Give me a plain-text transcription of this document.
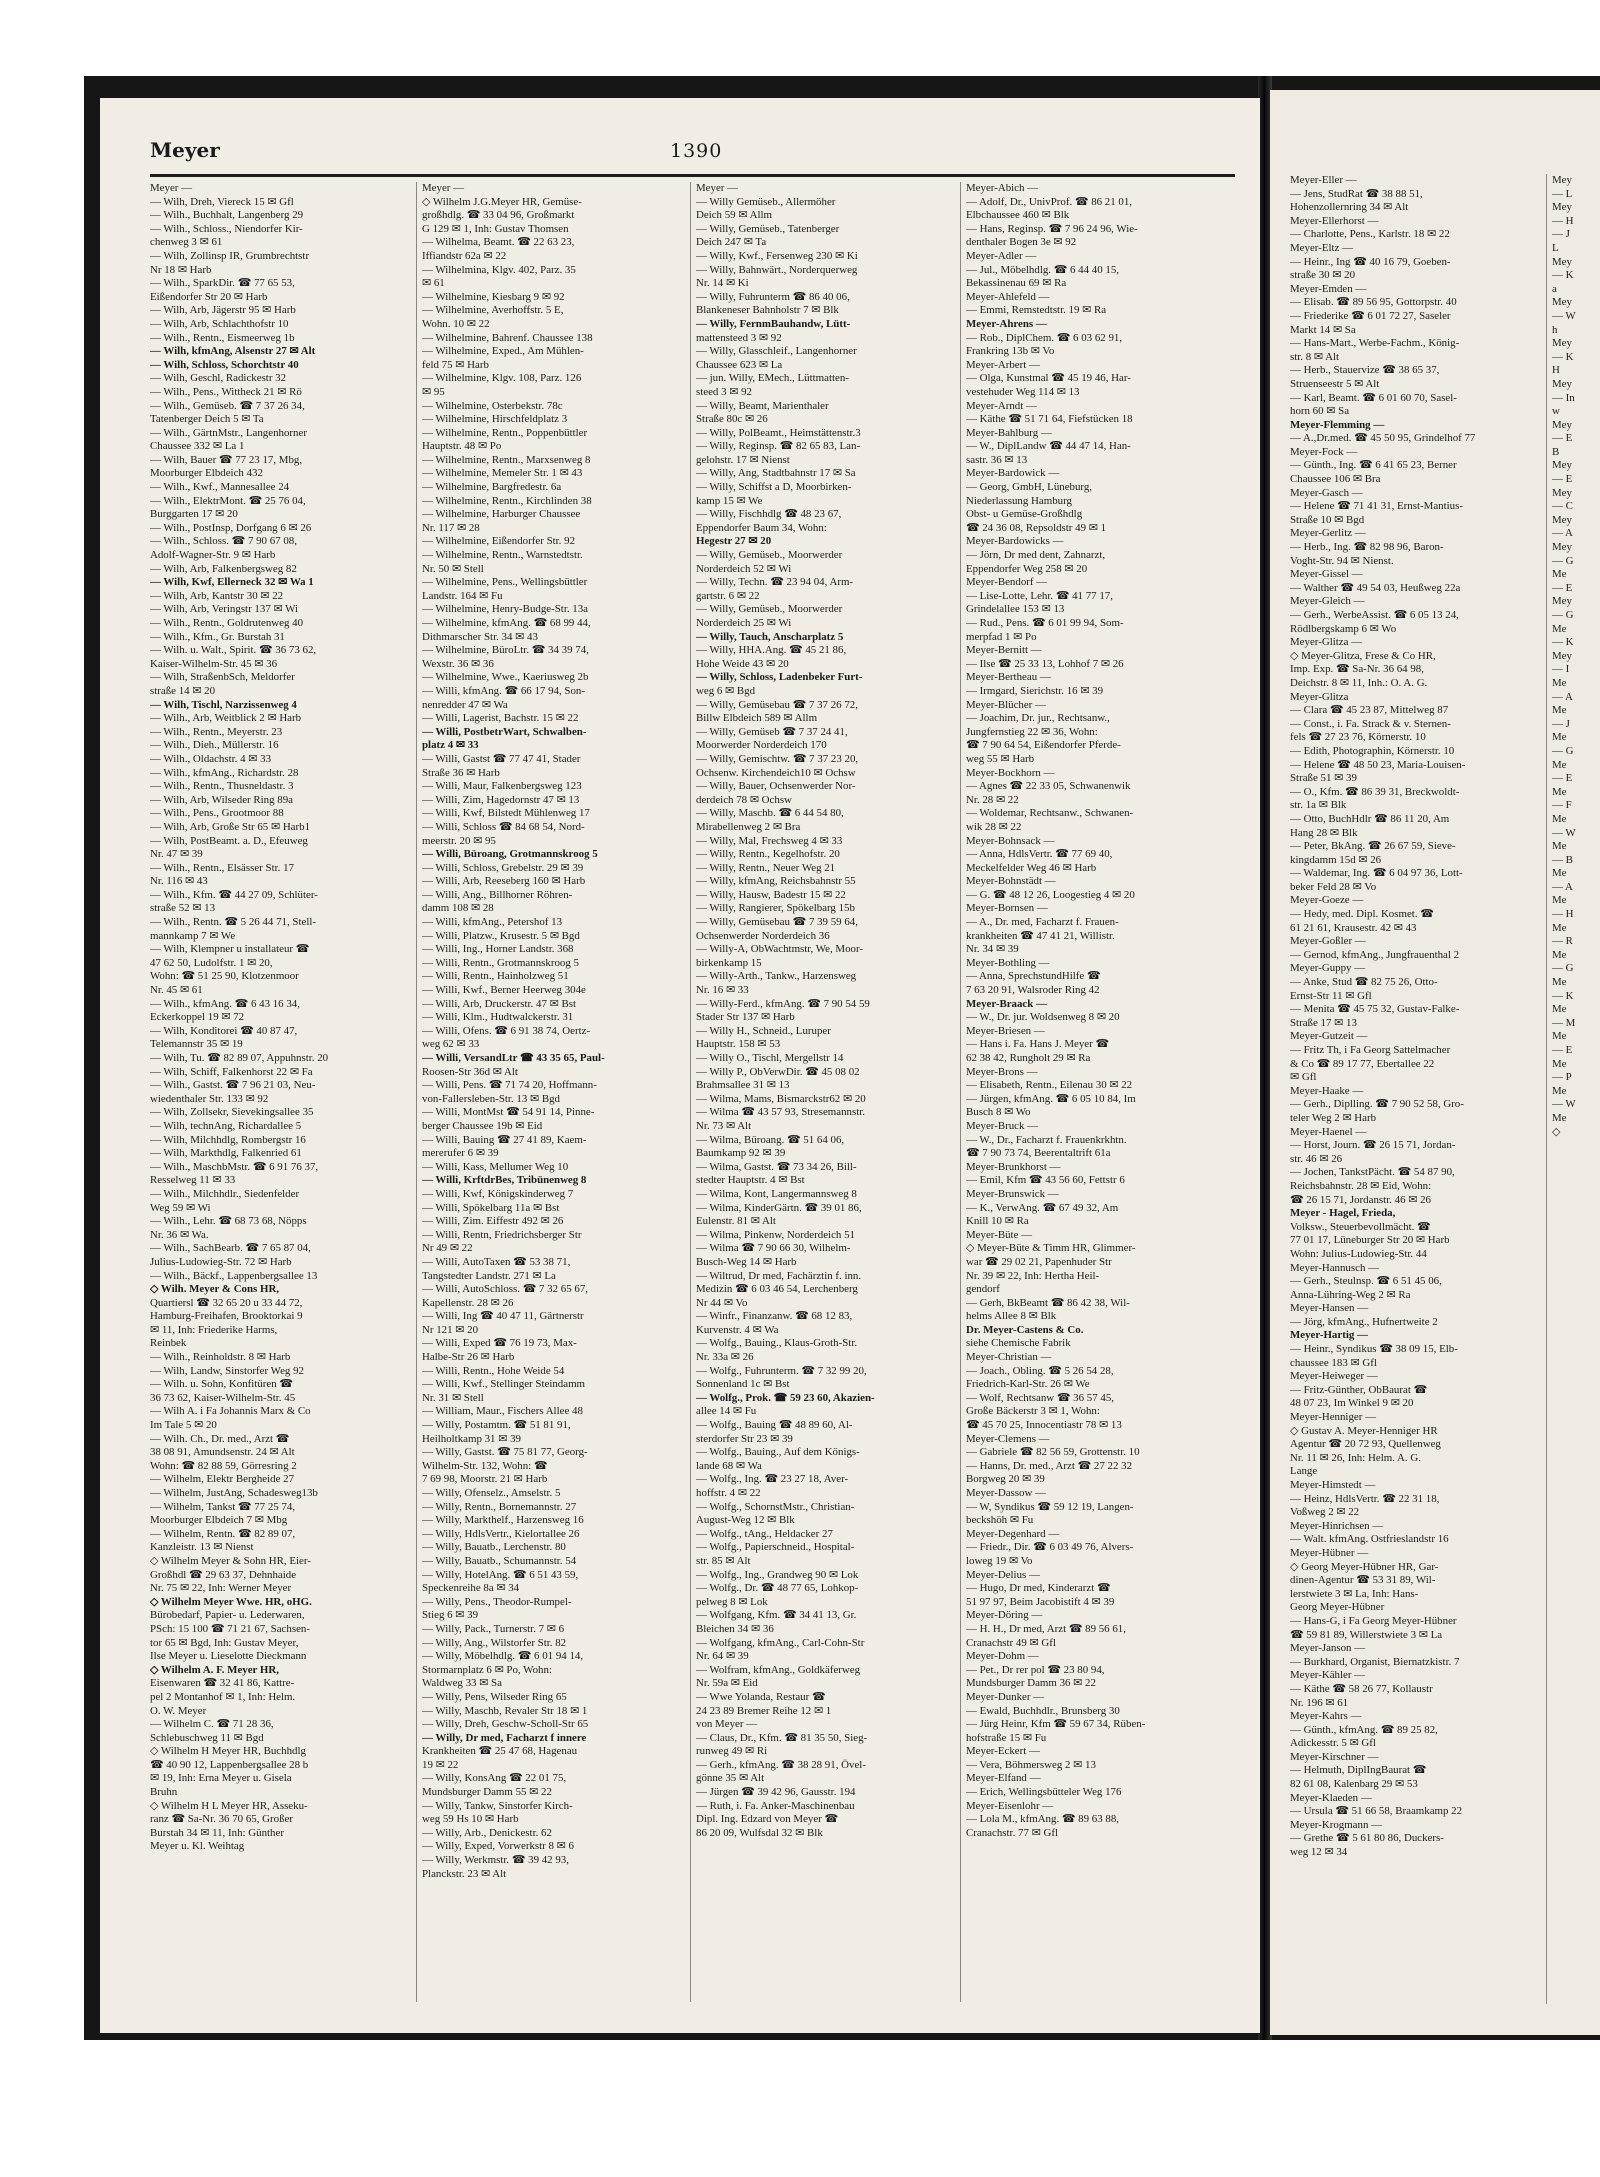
Meyer	1390
Meyer —
— Wilh, Dreh, Viereck 15 ✉ Gfl
— Wilh., Buchhalt, Langenberg 29
— Wilh., Schloss., Niendorfer Kir-
chenweg 3 ✉ 61
— Wilh, Zollinsp IR, Grumbrechtstr
Nr 18 ✉ Harb
— Wilh., SparkDir. ☎ 77 65 53,
Eißendorfer Str 20 ✉ Harb
— Wilh, Arb, Jägerstr 95 ✉ Harb
— Wilh, Arb, Schlachthofstr 10
— Wilh., Rentn., Eismeerweg 1b
— Wilh, kfmAng, Alsenstr 27 ✉ Alt
— Wilh, Schloss, Schorchtstr 40
— Wilh, Geschl, Radickestr 32
— Wilh., Pens., Wittheck 21 ✉ Rö
— Wilh., Gemüseb. ☎ 7 37 26 34,
Tatenberger Deich 5 ✉ Ta
— Wilh., GärtnMstr., Langenhorner
Chaussee 332 ✉ La 1
— Wilh, Bauer ☎ 77 23 17, Mbg,
Moorburger Elbdeich 432
— Wilh., Kwf., Mannesallee 24
— Wilh., ElektrMont. ☎ 25 76 04,
Burggarten 17 ✉ 20
— Wilh., PostInsp, Dorfgang 6 ✉ 26
— Wilh., Schloss. ☎ 7 90 67 08,
Adolf-Wagner-Str. 9 ✉ Harb
— Wilh, Arb, Falkenbergsweg 82
— Wilh, Kwf, Ellerneck 32 ✉ Wa 1
— Wilh, Arb, Kantstr 30 ✉ 22
— Wilh, Arb, Veringstr 137 ✉ Wi
— Wilh., Rentn., Goldrutenweg 40
— Wilh., Kfm., Gr. Burstah 31
— Wilh. u. Walt., Spirit. ☎ 36 73 62,
Kaiser-Wilhelm-Str. 45 ✉ 36
— Wilh, StraßenbSch, Meldorfer
straße 14 ✉ 20
— Wilh, Tischl, Narzissenweg 4
— Wilh., Arb, Weitblick 2 ✉ Harb
— Wilh., Rentn., Meyerstr. 23
— Wilh., Dieh., Müllerstr. 16
— Wilh., Oldachstr. 4 ✉ 33
— Wilh., kfmAng., Richardstr. 28
— Wilh., Rentn., Thusneldastr. 3
— Wilh, Arb, Wilseder Ring 89a
— Wilh., Pens., Grootmoor 88
— Wilh, Arb, Große Str 65 ✉ Harb1
— Wilh, PostBeamt. a. D., Efeuweg
Nr. 47 ✉ 39
— Wilh., Rentn., Elsässer Str. 17
Nr. 116 ✉ 43
— Wilh., Kfm. ☎ 44 27 09, Schlüter-
straße 52 ✉ 13
— Wilh., Rentn. ☎ 5 26 44 71, Stell-
mannkamp 7 ✉ We
— Wilh, Klempner u installateur ☎
47 62 50, Ludolfstr. 1 ✉ 20,
Wohn: ☎ 51 25 90, Klotzenmoor
Nr. 45 ✉ 61
— Wilh., kfmAng. ☎ 6 43 16 34,
Eckerkoppel 19 ✉ 72
— Wilh, Konditorei ☎ 40 87 47,
Telemannstr 35 ✉ 19
— Wilh, Tu. ☎ 82 89 07, Appuhnstr. 20
— Wilh, Schiff, Falkenhorst 22 ✉ Fa
— Wilh., Gastst. ☎ 7 96 21 03, Neu-
wiedenthaler Str. 133 ✉ 92
— Wilh, Zollsekr, Sievekingsallee 35
— Wilh, technAng, Richardallee 5
— Wilh, Milchhdlg, Rombergstr 16
— Wilh, Markthdlg, Falkenried 61
— Wilh., MaschbMstr. ☎ 6 91 76 37,
Resselweg 11 ✉ 33
— Wilh., Milchhdlr., Siedenfelder
Weg 59 ✉ Wi
— Wilh., Lehr. ☎ 68 73 68, Nöpps
Nr. 36 ✉ Wa.
— Wilh., SachBearb. ☎ 7 65 87 04,
Julius-Ludowieg-Str. 72 ✉ Harb
— Wilh., Bäckf., Lappenbergsallee 13
◇ Wilh. Meyer & Cons HR,
Quartiersl ☎ 32 65 20 u 33 44 72,
Hamburg-Freihafen, Brooktorkai 9
✉ 11, Inh: Friederike Harms,
Reinbek
— Wilh., Reinholdstr. 8 ✉ Harb
— Wilh, Landw, Sinstorfer Weg 92
— Wilh. u. Sohn, Konfitüren ☎
36 73 62, Kaiser-Wilhelm-Str. 45
— Wilh A. i Fa Johannis Marx & Co
Im Tale 5 ✉ 20
— Wilh. Ch., Dr. med., Arzt ☎
38 08 91, Amundsenstr. 24 ✉ Alt
Wohn: ☎ 82 88 59, Görresring 2
— Wilhelm, Elektr Bergheide 27
— Wilhelm, JustAng, Schadesweg13b
— Wilhelm, Tankst ☎ 77 25 74,
Moorburger Elbdeich 7 ✉ Mbg
— Wilhelm, Rentn. ☎ 82 89 07,
Kanzleistr. 13 ✉ Nienst
◇ Wilhelm Meyer & Sohn HR, Eier-
Großhdl ☎ 29 63 37, Dehnhaide
Nr. 75 ✉ 22, Inh: Werner Meyer
◇ Wilhelm Meyer Wwe. HR, oHG.
Bürobedarf, Papier- u. Lederwaren,
PSch: 15 100 ☎ 71 21 67, Sachsen-
tor 65 ✉ Bgd, Inh: Gustav Meyer,
Ilse Meyer u. Lieselotte Dieckmann
◇ Wilhelm A. F. Meyer HR,
Eisenwaren ☎ 32 41 86, Kattre-
pel 2 Montanhof ✉ 1, Inh: Helm.
O. W. Meyer
— Wilhelm C. ☎ 71 28 36,
Schlebuschweg 11 ✉ Bgd
◇ Wilhelm H Meyer HR, Buchhdlg
☎ 40 90 12, Lappenbergsallee 28 b
✉ 19, Inh: Erna Meyer u. Gisela
Bruhn
◇ Wilhelm H L Meyer HR, Asseku-
ranz ☎ Sa-Nr. 36 70 65, Großer
Burstah 34 ✉ 11, Inh: Günther
Meyer u. Kl. Weihtag
Meyer —
◇ Wilhelm J.G.Meyer HR, Gemüse-
großhdlg. ☎ 33 04 96, Großmarkt
G 129 ✉ 1, Inh: Gustav Thomsen
— Wilhelma, Beamt. ☎ 22 63 23,
Iffiandstr 62a ✉ 22
— Wilhelmina, Klgv. 402, Parz. 35
✉ 61
— Wilhelmine, Kiesbarg 9 ✉ 92
— Wilhelmine, Averhoffstr. 5 E,
Wohn. 10 ✉ 22
— Wilhelmine, Bahrenf. Chaussee 138
— Wilhelmine, Exped., Am Mühlen-
feld 75 ✉ Harb
— Wilhelmine, Klgv. 108, Parz. 126
✉ 95
— Wilhelmine, Osterbekstr. 78c
— Wilhelmine, Hirschfeldplatz 3
— Wilhelmine, Rentn., Poppenbüttler
Hauptstr. 48 ✉ Po
— Wilhelmine, Rentn., Marxsenweg 8
— Wilhelmine, Memeler Str. 1 ✉ 43
— Wilhelmine, Bargfredestr. 6a
— Wilhelmine, Rentn., Kirchlinden 38
— Wilhelmine, Harburger Chaussee
Nr. 117 ✉ 28
— Wilhelmine, Eißendorfer Str. 92
— Wilhelmine, Rentn., Warnstedtstr.
Nr. 50 ✉ Stell
— Wilhelmine, Pens., Wellingsbüttler
Landstr. 164 ✉ Fu
— Wilhelmine, Henry-Budge-Str. 13a
— Wilhelmine, kfmAng. ☎ 68 99 44,
Dithmarscher Str. 34 ✉ 43
— Wilhelmine, BüroLtr. ☎ 34 39 74,
Wexstr. 36 ✉ 36
— Wilhelmine, Wwe., Kaeriusweg 2b
— Willi, kfmAng. ☎ 66 17 94, Son-
nenredder 47 ✉ Wa
— Willi, Lagerist, Bachstr. 15 ✉ 22
— Willi, PostbetrWart, Schwalben-
platz 4 ✉ 33
— Willi, Gastst ☎ 77 47 41, Stader
Straße 36 ✉ Harb
— Willi, Maur, Falkenbergsweg 123
— Willi, Zim, Hagedornstr 47 ✉ 13
— Willi, Kwf, Bilstedt Mühlenweg 17
— Willi, Schloss ☎ 84 68 54, Nord-
meerstr. 20 ✉ 95
— Willi, Büroang, Grotmannskroog 5
— Willi, Schloss, Grebelstr. 29 ✉ 39
— Willi, Arb, Reeseberg 160 ✉ Harb
— Willi, Ang., Billhorner Röhren-
damm 108 ✉ 28
— Willi, kfmAng., Petershof 13
— Willi, Platzw., Krusestr. 5 ✉ Bgd
— Willi, Ing., Horner Landstr. 368
— Willi, Rentn., Grotmannskroog 5
— Willi, Rentn., Hainholzweg 51
— Willi, Kwf., Berner Heerweg 304e
— Willi, Arb, Druckerstr. 47 ✉ Bst
— Willi, Klm., Hudtwalckerstr. 31
— Willi, Ofens. ☎ 6 91 38 74, Oertz-
weg 62 ✉ 33
— Willi, VersandLtr ☎ 43 35 65, Paul-
Roosen-Str 36d ✉ Alt
— Willi, Pens. ☎ 71 74 20, Hoffmann-
von-Fallersleben-Str. 13 ✉ Bgd
— Willi, MontMst ☎ 54 91 14, Pinne-
berger Chaussee 19b ✉ Eid
— Willi, Bauing ☎ 27 41 89, Kaem-
mererufer 6 ✉ 39
— Willi, Kass, Mellumer Weg 10
— Willi, KrftdrBes, Tribünenweg 8
— Willi, Kwf, Königskinderweg 7
— Willi, Spökelbarg 11a ✉ Bst
— Willi, Zim. Eiffestr 492 ✉ 26
— Willi, Rentn, Friedrichsberger Str
Nr 49 ✉ 22
— Willi, AutoTaxen ☎ 53 38 71,
Tangstedter Landstr. 271 ✉ La
— Willi, AutoSchloss. ☎ 7 32 65 67,
Kapellenstr. 28 ✉ 26
— Willi, Ing ☎ 40 47 11, Gärtnerstr
Nr 121 ✉ 20
— Willi, Exped ☎ 76 19 73, Max-
Halbe-Str 26 ✉ Harb
— Willi, Rentn., Hohe Weide 54
— Willi, Kwf., Stellinger Steindamm
Nr. 31 ✉ Stell
— William, Maur., Fischers Allee 48
— Willy, Postamtm. ☎ 51 81 91,
Heilholtkamp 31 ✉ 39
— Willy, Gastst. ☎ 75 81 77, Georg-
Wilhelm-Str. 132, Wohn: ☎
7 69 98, Moorstr. 21 ✉ Harb
— Willy, Ofenselz., Amselstr. 5
— Willy, Rentn., Bornemannstr. 27
— Willy, Markthelf., Harzensweg 16
— Willy, HdlsVertr., Kielortallee 26
— Willy, Bauatb., Lerchenstr. 80
— Willy, Bauatb., Schumannstr. 54
— Willy, HotelAng. ☎ 6 51 43 59,
Speckenreihe 8a ✉ 34
— Willy, Pens., Theodor-Rumpel-
Stieg 6 ✉ 39
— Willy, Pack., Turnerstr. 7 ✉ 6
— Willy, Ang., Wilstorfer Str. 82
— Willy, Möbelhdlg. ☎ 6 01 94 14,
Stormarnplatz 6 ✉ Po, Wohn:
Waldweg 33 ✉ Sa
— Willy, Pens, Wilseder Ring 65
— Willy, Maschb, Revaler Str 18 ✉ 1
— Willy, Dreh, Geschw-Scholl-Str 65
— Willy, Dr med, Facharzt f innere
Krankheiten ☎ 25 47 68, Hagenau
19 ✉ 22
— Willy, KonsAng ☎ 22 01 75,
Mundsburger Damm 55 ✉ 22
— Willy, Tankw, Sinstorfer Kirch-
weg 59 Hs 10 ✉ Harb
— Willy, Arb., Denickestr. 62
— Willy, Exped, Vorwerkstr 8 ✉ 6
— Willy, Werkmstr. ☎ 39 42 93,
Planckstr. 23 ✉ Alt
Meyer —
— Willy Gemüseb., Allermöher
Deich 59 ✉ Allm
— Willy, Gemüseb., Tatenberger
Deich 247 ✉ Ta
— Willy, Kwf., Fersenweg 230 ✉ Ki
— Willy, Bahnwärt., Norderquerweg
Nr. 14 ✉ Ki
— Willy, Fuhrunterm ☎ 86 40 06,
Blankeneser Bahnholstr 7 ✉ Blk
— Willy, FernmBauhandw, Lütt-
mattensteed 3 ✉ 92
— Willy, Glasschleif., Langenhorner
Chaussee 623 ✉ La
— jun. Willy, EMech., Lüttmatten-
steed 3 ✉ 92
— Willy, Beamt, Marienthaler
Straße 80c ✉ 26
— Willy, PolBeamt., Heimstättenstr.3
— Willy, Reginsp. ☎ 82 65 83, Lan-
gelohstr. 17 ✉ Nienst
— Willy, Ang, Stadtbahnstr 17 ✉ Sa
— Willy, Schiffst a D, Moorbirken-
kamp 15 ✉ We
— Willy, Fischhdlg ☎ 48 23 67,
Eppendorfer Baum 34, Wohn:
Hegestr 27 ✉ 20
— Willy, Gemüseb., Moorwerder
Norderdeich 52 ✉ Wi
— Willy, Techn. ☎ 23 94 04, Arm-
gartstr. 6 ✉ 22
— Willy, Gemüseb., Moorwerder
Norderdeich 25 ✉ Wi
— Willy, Tauch, Anscharplatz 5
— Willy, HHA.Ang. ☎ 45 21 86,
Hohe Weide 43 ✉ 20
— Willy, Schloss, Ladenbeker Furt-
weg 6 ✉ Bgd
— Willy, Gemüsebau ☎ 7 37 26 72,
Billw Elbdeich 589 ✉ Allm
— Willy, Gemüseb ☎ 7 37 24 41,
Moorwerder Norderdeich 170
— Willy, Gemischtw. ☎ 7 37 23 20,
Ochsenw. Kirchendeich10 ✉ Ochsw
— Willy, Bauer, Ochsenwerder Nor-
derdeich 78 ✉ Ochsw
— Willy, Maschb. ☎ 6 44 54 80,
Mirabellenweg 2 ✉ Bra
— Willy, Mal, Frechsweg 4 ✉ 33
— Willy, Rentn., Kegelhofstr. 20
— Willy, Rentn., Neuer Weg 21
— Willy, kfmAng, Reichsbahnstr 55
— Willy, Hausw, Badestr 15 ✉ 22
— Willy, Rangierer, Spökelbarg 15b
— Willy, Gemüsebau ☎ 7 39 59 64,
Ochsenwerder Norderdeich 36
— Willy-A, ObWachtmstr, We, Moor-
birkenkamp 15
— Willy-Arth., Tankw., Harzensweg
Nr. 16 ✉ 33
— Willy-Ferd., kfmAng. ☎ 7 90 54 59
Stader Str 137 ✉ Harb
— Willy H., Schneid., Luruper
Hauptstr. 158 ✉ 53
— Willy O., Tischl, Mergellstr 14
— Willy P., ObVerwDir. ☎ 45 08 02
Brahmsallee 31 ✉ 13
— Wilma, Mams, Bismarckstr62 ✉ 20
— Wilma ☎ 43 57 93, Stresemannstr.
Nr. 73 ✉ Alt
— Wilma, Büroang. ☎ 51 64 06,
Baumkamp 92 ✉ 39
— Wilma, Gastst. ☎ 73 34 26, Bill-
stedter Hauptstr. 4 ✉ Bst
— Wilma, Kont, Langermannsweg 8
— Wilma, KinderGärtn. ☎ 39 01 86,
Eulenstr. 81 ✉ Alt
— Wilma, Pinkenw, Norderdeich 51
— Wilma ☎ 7 90 66 30, Wilhelm-
Busch-Weg 14 ✉ Harb
— Wiltrud, Dr med, Fachärztin f. inn.
Medizin ☎ 6 03 46 54, Lerchenberg
Nr 44 ✉ Vo
— Winfr., Finanzanw. ☎ 68 12 83,
Kurvenstr. 4 ✉ Wa
— Wolfg., Bauing., Klaus-Groth-Str.
Nr. 33a ✉ 26
— Wolfg., Fuhrunterm. ☎ 7 32 99 20,
Sonnenland 1c ✉ Bst
— Wolfg., Prok. ☎ 59 23 60, Akazien-
allee 14 ✉ Fu
— Wolfg., Bauing ☎ 48 89 60, Al-
sterdorfer Str 23 ✉ 39
— Wolfg., Bauing., Auf dem Königs-
lande 68 ✉ Wa
— Wolfg., Ing. ☎ 23 27 18, Aver-
hoffstr. 4 ✉ 22
— Wolfg., SchornstMstr., Christian-
August-Weg 12 ✉ Blk
— Wolfg., tAng., Heldacker 27
— Wolfg., Papierschneid., Hospital-
str. 85 ✉ Alt
— Wolfg., Ing., Grandweg 90 ✉ Lok
— Wolfg., Dr. ☎ 48 77 65, Lohkop-
pelweg 8 ✉ Lok
— Wolfgang, Kfm. ☎ 34 41 13, Gr.
Bleichen 34 ✉ 36
— Wolfgang, kfmAng., Carl-Cohn-Str
Nr. 64 ✉ 39
— Wolfram, kfmAng., Goldkäferweg
Nr. 59a ✉ Eid
— Wwe Yolanda, Restaur ☎
24 23 89 Bremer Reihe 12 ✉ 1
von Meyer —
— Claus, Dr., Kfm. ☎ 81 35 50, Sieg-
runweg 49 ✉ Ri
— Gerh., kfmAng. ☎ 38 28 91, Övel-
gönne 35 ✉ Alt
— Jürgen ☎ 39 42 96, Gausstr. 194
— Ruth, i. Fa. Anker-Maschinenbau
Dipl. Ing. Edzard von Meyer ☎
86 20 09, Wulfsdal 32 ✉ Blk
Meyer-Abich —
— Adolf, Dr., UnivProf. ☎ 86 21 01,
Elbchaussee 460 ✉ Blk
— Hans, Reginsp. ☎ 7 96 24 96, Wie-
denthaler Bogen 3e ✉ 92
Meyer-Adler —
— Jul., Möbelhdlg. ☎ 6 44 40 15,
Bekassinenau 69 ✉ Ra
Meyer-Ahlefeld —
— Emmi, Remstedtstr. 19 ✉ Ra
Meyer-Ahrens —
— Rob., DiplChem. ☎ 6 03 62 91,
Frankring 13b ✉ Vo
Meyer-Arbert —
— Olga, Kunstmal ☎ 45 19 46, Har-
vestehuder Weg 114 ✉ 13
Meyer-Arndt —
— Käthe ☎ 51 71 64, Fiefstücken 18
Meyer-Bahlburg —
— W., DiplLandw ☎ 44 47 14, Han-
sastr. 36 ✉ 13
Meyer-Bardowick —
— Georg, GmbH, Lüneburg,
Niederlassung Hamburg
Obst- u Gemüse-Großhdlg
☎ 24 36 08, Repsoldstr 49 ✉ 1
Meyer-Bardowicks —
— Jörn, Dr med dent, Zahnarzt,
Eppendorfer Weg 258 ✉ 20
Meyer-Bendorf —
— Lise-Lotte, Lehr. ☎ 41 77 17,
Grindelallee 153 ✉ 13
— Rud., Pens. ☎ 6 01 99 94, Som-
merpfad 1 ✉ Po
Meyer-Bernitt —
— Ilse ☎ 25 33 13, Lohhof 7 ✉ 26
Meyer-Bertheau —
— Irmgard, Sierichstr. 16 ✉ 39
Meyer-Blücher —
— Joachim, Dr. jur., Rechtsanw.,
Jungfernstieg 22 ✉ 36, Wohn:
☎ 7 90 64 54, Eißendorfer Pferde-
weg 55 ✉ Harb
Meyer-Bockhorn —
— Agnes ☎ 22 33 05, Schwanenwik
Nr. 28 ✉ 22
— Woldemar, Rechtsanw., Schwanen-
wik 28 ✉ 22
Meyer-Bohnsack —
— Anna, HdlsVertr. ☎ 77 69 40,
Meckelfelder Weg 46 ✉ Harb
Meyer-Bohnstädt —
— G. ☎ 48 12 26, Loogestieg 4 ✉ 20
Meyer-Bornsen —
— A., Dr. med, Facharzt f. Frauen-
krankheiten ☎ 47 41 21, Willistr.
Nr. 34 ✉ 39
Meyer-Bothling —
— Anna, SprechstundHilfe ☎
7 63 20 91, Walsroder Ring 42
Meyer-Braack —
— W., Dr. jur. Woldsenweg 8 ✉ 20
Meyer-Briesen —
— Hans i. Fa. Hans J. Meyer ☎
62 38 42, Rungholt 29 ✉ Ra
Meyer-Brons —
— Elisabeth, Rentn., Eilenau 30 ✉ 22
— Jürgen, kfmAng. ☎ 6 05 10 84, Im
Busch 8 ✉ Wo
Meyer-Bruck —
— W., Dr., Facharzt f. Frauenkrkhtn.
☎ 7 90 73 74, Beerentaltrift 61a
Meyer-Brunkhorst —
— Emil, Kfm ☎ 43 56 60, Fettstr 6
Meyer-Brunswick —
— K., VerwAng. ☎ 67 49 32, Am
Knill 10 ✉ Ra
Meyer-Büte —
◇ Meyer-Büte & Timm HR, Glimmer-
war ☎ 29 02 21, Papenhuder Str
Nr. 39 ✉ 22, Inh: Hertha Heil-
gendorf
— Gerh, BkBeamt ☎ 86 42 38, Wil-
helms Allee 8 ✉ Blk
Dr. Meyer-Castens & Co.
siehe Chemische Fabrik
Meyer-Christian —
— Joach., Obling. ☎ 5 26 54 28,
Friedrich-Karl-Str. 26 ✉ We
— Wolf, Rechtsanw ☎ 36 57 45,
Große Bäckerstr 3 ✉ 1, Wohn:
☎ 45 70 25, Innocentiastr 78 ✉ 13
Meyer-Clemens —
— Gabriele ☎ 82 56 59, Grottenstr. 10
— Hanns, Dr. med., Arzt ☎ 27 22 32
Borgweg 20 ✉ 39
Meyer-Dassow —
— W, Syndikus ☎ 59 12 19, Langen-
beckshöh ✉ Fu
Meyer-Degenhard —
— Friedr., Dir. ☎ 6 03 49 76, Alvers-
loweg 19 ✉ Vo
Meyer-Delius —
— Hugo, Dr med, Kinderarzt ☎
51 97 97, Beim Jacobistift 4 ✉ 39
Meyer-Döring —
— H. H., Dr med, Arzt ☎ 89 56 61,
Cranachstr 49 ✉ Gfl
Meyer-Dohm —
— Pet., Dr rer pol ☎ 23 80 94,
Mundsburger Damm 36 ✉ 22
Meyer-Dunker —
— Ewald, Buchhdlr., Brunsberg 30
— Jürg Heinr, Kfm ☎ 59 67 34, Rüben-
hofstraße 15 ✉ Fu
Meyer-Eckert —
— Vera, Böhmersweg 2 ✉ 13
Meyer-Elfand —
— Erich, Wellingsbütteler Weg 176
Meyer-Eisenlohr —
— Lola M., kfmAng. ☎ 89 63 88,
Cranachstr. 77 ✉ Gfl
Meyer-Eller —
— Jens, StudRat ☎ 38 88 51,
Hohenzollernring 34 ✉ Alt
Meyer-Ellerhorst —
— Charlotte, Pens., Karlstr. 18 ✉ 22
Meyer-Eltz —
— Heinr., Ing ☎ 40 16 79, Goeben-
straße 30 ✉ 20
Meyer-Emden —
— Elisab. ☎ 89 56 95, Gottorpstr. 40
— Friederike ☎ 6 01 72 27, Saseler
Markt 14 ✉ Sa
— Hans-Mart., Werbe-Fachm., König-
str. 8 ✉ Alt
— Herb., Stauervize ☎ 38 65 37,
Struenseestr 5 ✉ Alt
— Karl, Beamt. ☎ 6 01 60 70, Sasel-
horn 60 ✉ Sa
Meyer-Flemming —
— A.,Dr.med. ☎ 45 50 95, Grindelhof 77
Meyer-Fock —
— Günth., Ing. ☎ 6 41 65 23, Berner
Chaussee 106 ✉ Bra
Meyer-Gasch —
— Helene ☎ 71 41 31, Ernst-Mantius-
Straße 10 ✉ Bgd
Meyer-Gerlitz —
— Herb., Ing. ☎ 82 98 96, Baron-
Voght-Str. 94 ✉ Nienst.
Meyer-Gissel —
— Walther ☎ 49 54 03, Heußweg 22a
Meyer-Gleich —
— Gerh., WerbeAssist. ☎ 6 05 13 24,
Rödlbergskamp 6 ✉ Wo
Meyer-Glitza —
◇ Meyer-Glitza, Frese & Co HR,
Imp. Exp. ☎ Sa-Nr. 36 64 98,
Deichstr. 8 ✉ 11, Inh.: O. A. G.
Meyer-Glitza
— Clara ☎ 45 23 87, Mittelweg 87
— Const., i. Fa. Strack & v. Sternen-
fels ☎ 27 23 76, Körnerstr. 10
— Edith, Photographin, Körnerstr. 10
— Helene ☎ 48 50 23, Maria-Louisen-
Straße 51 ✉ 39
— O., Kfm. ☎ 86 39 31, Breckwoldt-
str. 1a ✉ Blk
— Otto, BuchHdlr ☎ 86 11 20, Am
Hang 28 ✉ Blk
— Peter, BkAng. ☎ 26 67 59, Sieve-
kingdamm 15d ✉ 26
— Waldemar, Ing. ☎ 6 04 97 36, Lott-
beker Feld 28 ✉ Vo
Meyer-Goeze —
— Hedy, med. Dipl. Kosmet. ☎
61 21 61, Krausestr. 42 ✉ 43
Meyer-Goßler —
— Gernod, kfmAng., Jungfrauenthal 2
Meyer-Guppy —
— Anke, Stud ☎ 82 75 26, Otto-
Ernst-Str 11 ✉ Gfl
— Menita ☎ 45 75 32, Gustav-Falke-
Straße 17 ✉ 13
Meyer-Gutzeit —
— Fritz Th, i Fa Georg Sattelmacher
& Co ☎ 89 17 77, Ebertallee 22
✉ Gfl
Meyer-Haake —
— Gerh., Diplling. ☎ 7 90 52 58, Gro-
teler Weg 2 ✉ Harb
Meyer-Haenel —
— Horst, Journ. ☎ 26 15 71, Jordan-
str. 46 ✉ 26
— Jochen, TankstPächt. ☎ 54 87 90,
Reichsbahnstr. 28 ✉ Eid, Wohn:
☎ 26 15 71, Jordanstr. 46 ✉ 26
Meyer - Hagel, Frieda,
Volksw., Steuerbevollmächt. ☎
77 01 17, Lüneburger Str 20 ✉ Harb
Wohn: Julius-Ludowieg-Str. 44
Meyer-Hannusch —
— Gerh., Steulnsp. ☎ 6 51 45 06,
Anna-Lühring-Weg 2 ✉ Ra
Meyer-Hansen —
— Jörg, kfmAng., Hufnertweite 2
Meyer-Hartig —
— Heinr., Syndikus ☎ 38 09 15, Elb-
chaussee 183 ✉ Gfl
Meyer-Heiweger —
— Fritz-Günther, ObBaurat ☎
48 07 23, Im Winkel 9 ✉ 20
Meyer-Henniger —
◇ Gustav A. Meyer-Henniger HR
Agentur ☎ 20 72 93, Quellenweg
Nr. 11 ✉ 26, Inh: Helm. A. G.
Lange
Meyer-Himstedt —
— Heinz, HdlsVertr. ☎ 22 31 18,
Voßweg 2 ✉ 22
Meyer-Hinrichsen —
— Walt. kfmAng. Ostfrieslandstr 16
Meyer-Hübner —
◇ Georg Meyer-Hübner HR, Gar-
dinen-Agentur ☎ 53 31 89, Wil-
lerstwiete 3 ✉ La, Inh: Hans-
Georg Meyer-Hübner
— Hans-G, i Fa Georg Meyer-Hübner
☎ 59 81 89, Willerstwiete 3 ✉ La
Meyer-Janson —
— Burkhard, Organist, Biernatzkistr. 7
Meyer-Kähler —
— Käthe ☎ 58 26 77, Kollaustr
Nr. 196 ✉ 61
Meyer-Kahrs —
— Günth., kfmAng. ☎ 89 25 82,
Adickesstr. 5 ✉ Gfl
Meyer-Kirschner —
— Helmuth, DiplIngBaurat ☎
82 61 08, Kalenbarg 29 ✉ 53
Meyer-Klaeden —
— Ursula ☎ 51 66 58, Braamkamp 22
Meyer-Krogmann —
— Grethe ☎ 5 61 80 86, Duckers-
weg 12 ✉ 34
Mey
— L
Mey
— H
— J
L
Mey
— K
a
Mey
— W
h
Mey
— K
H
Mey
— In
w
Mey
— E
B
Mey
— E
Mey
— C
Mey
— A
Mey
— G
Me
— E
Mey
— G
Me
— K
Mey
— I
Me
— A
Me
— J
Me
— G
Me
— E
Me
— F
Me
— W
Me
— B
Me
— A
Me
— H
Me
— R
Me
— G
Me
— K
Me
— M
Me
— E
Me
— P
Me
— W
Me
◇
